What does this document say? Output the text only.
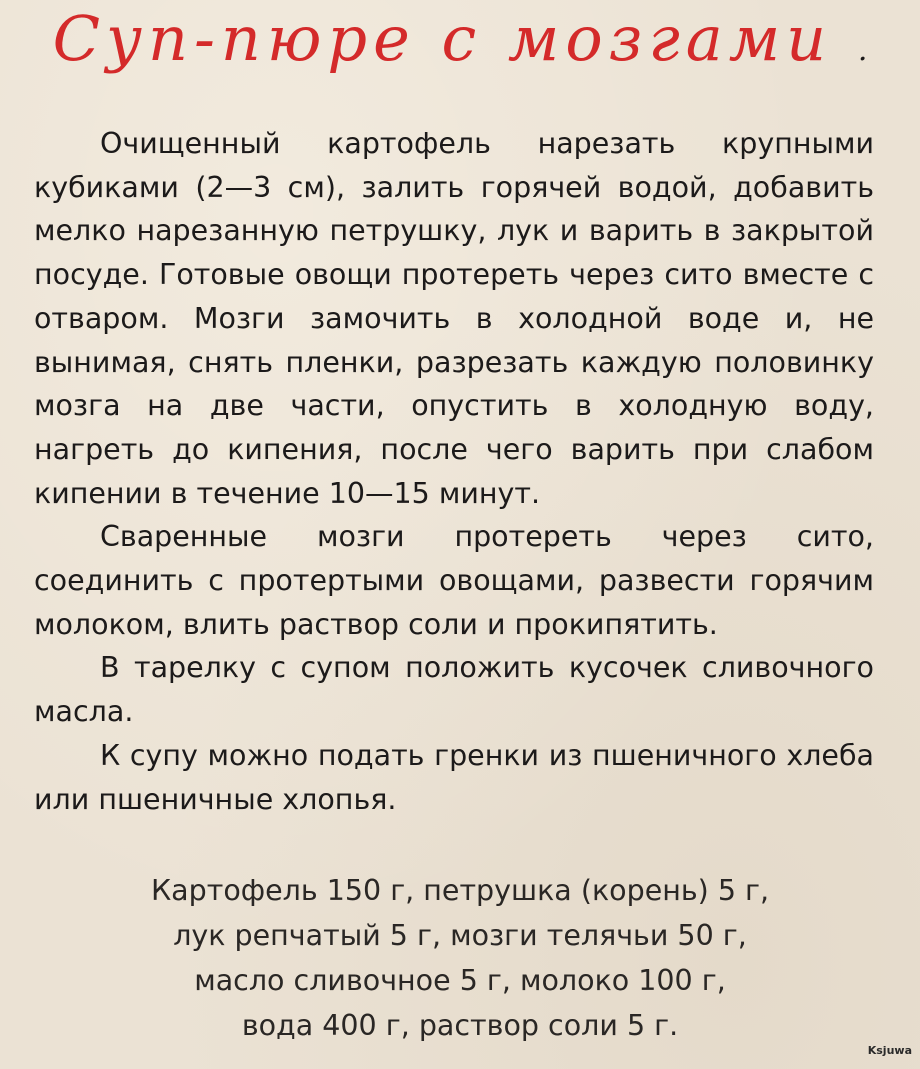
Суп-пюре с мозгами .

Очищенный картофель нарезать крупными кубиками (2—3 см), залить горячей водой, добавить мелко нарезанную петрушку, лук и варить в закрытой посуде. Готовые овощи протереть через сито вместе с отваром. Мозги замочить в холодной воде и, не вынимая, снять пленки, разрезать каждую половинку мозга на две части, опустить в холодную воду, нагреть до кипения, после чего варить при слабом кипении в течение 10—15 минут.

Сваренные мозги протереть через сито, соединить с протертыми овощами, развести горячим молоком, влить раствор соли и прокипятить.

В тарелку с супом положить кусочек сливочного масла.

К супу можно подать гренки из пшеничного хлеба или пшеничные хлопья.

Картофель 150 г, петрушка (корень) 5 г,
лук репчатый 5 г, мозги телячьи 50 г,
масло сливочное 5 г, молоко 100 г,
вода 400 г, раствор соли 5 г.
Ksjuwa
